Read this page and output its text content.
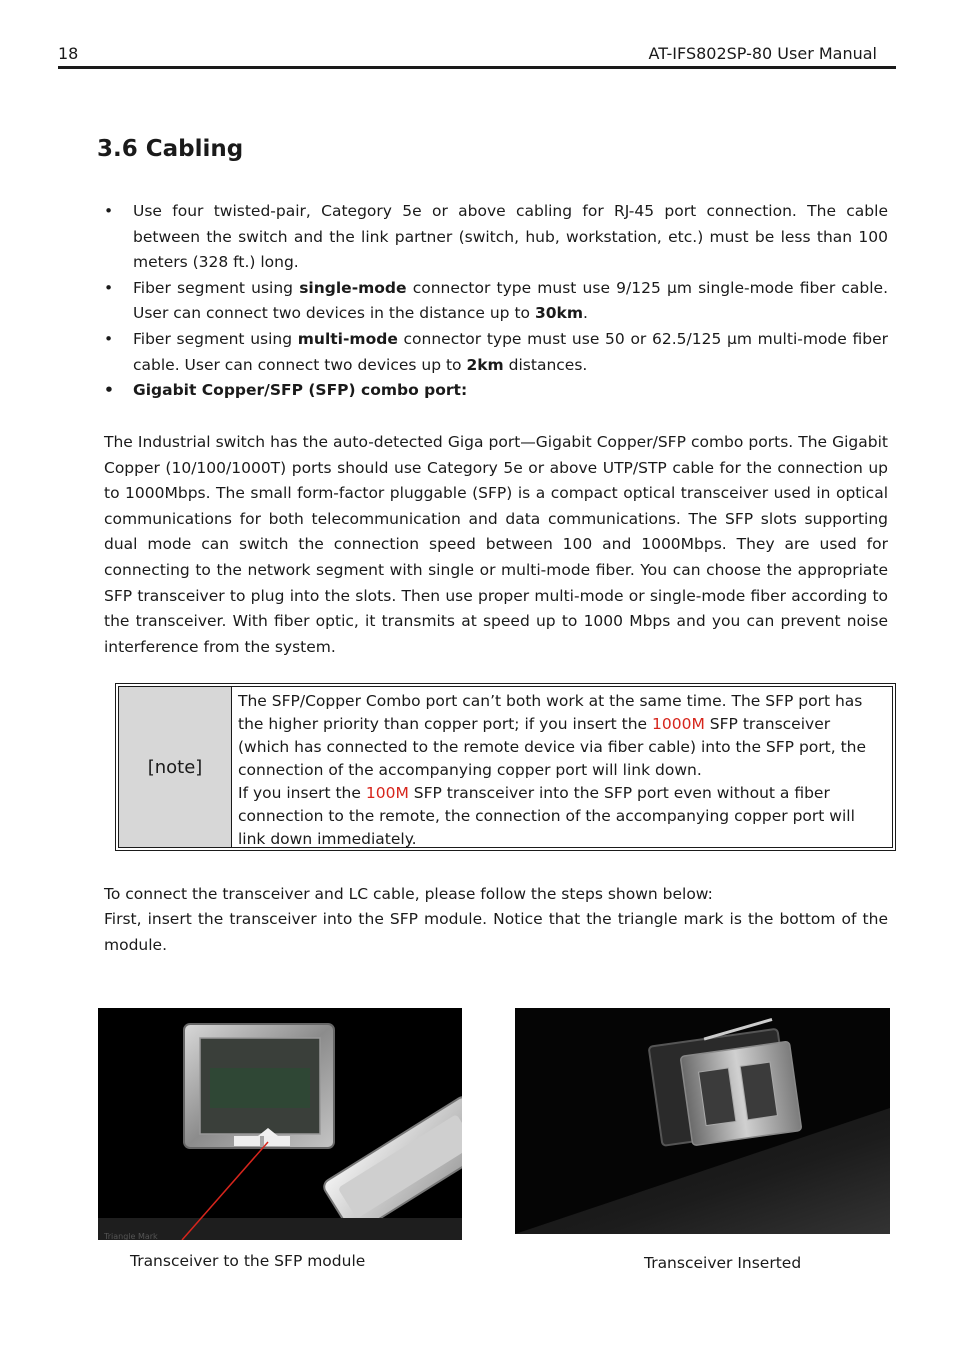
18	AT-IFS802SP-80 User Manual
3.6 Cabling
• Use four twisted-pair, Category 5e or above cabling for RJ-45 port connection. The cable between the switch and the link partner (switch, hub, workstation, etc.) must be less than 100 meters (328 ft.) long.
• Fiber segment using single-mode connector type must use 9/125 µm single-mode fiber cable. User can connect two devices in the distance up to 30km.
• Fiber segment using multi-mode connector type must use 50 or 62.5/125 µm multi-mode fiber cable. User can connect two devices up to 2km distances.
• Gigabit Copper/SFP (SFP) combo port:

The Industrial switch has the auto-detected Giga port—Gigabit Copper/SFP combo ports. The Gigabit Copper (10/100/1000T) ports should use Category 5e or above UTP/STP cable for the connection up to 1000Mbps. The small form-factor pluggable (SFP) is a compact optical transceiver used in optical communications for both telecommunication and data communications. The SFP slots supporting dual mode can switch the connection speed between 100 and 1000Mbps. They are used for connecting to the network segment with single or multi-mode fiber. You can choose the appropriate SFP transceiver to plug into the slots. Then use proper multi-mode or single-mode fiber according to the transceiver. With fiber optic, it transmits at speed up to 1000 Mbps and you can prevent noise interference from the system.

[note]
The SFP/Copper Combo port can’t both work at the same time. The SFP port has the higher priority than copper port; if you insert the 1000M SFP transceiver (which has connected to the remote device via fiber cable) into the SFP port, the connection of the accompanying copper port will link down.
If you insert the 100M SFP transceiver into the SFP port even without a fiber connection to the remote, the connection of the accompanying copper port will link down immediately.

To connect the transceiver and LC cable, please follow the steps shown below:

First, insert the transceiver into the SFP module. Notice that the triangle mark is the bottom of the module.

Triangle Mark
Transceiver to the SFP module	Transceiver Inserted
